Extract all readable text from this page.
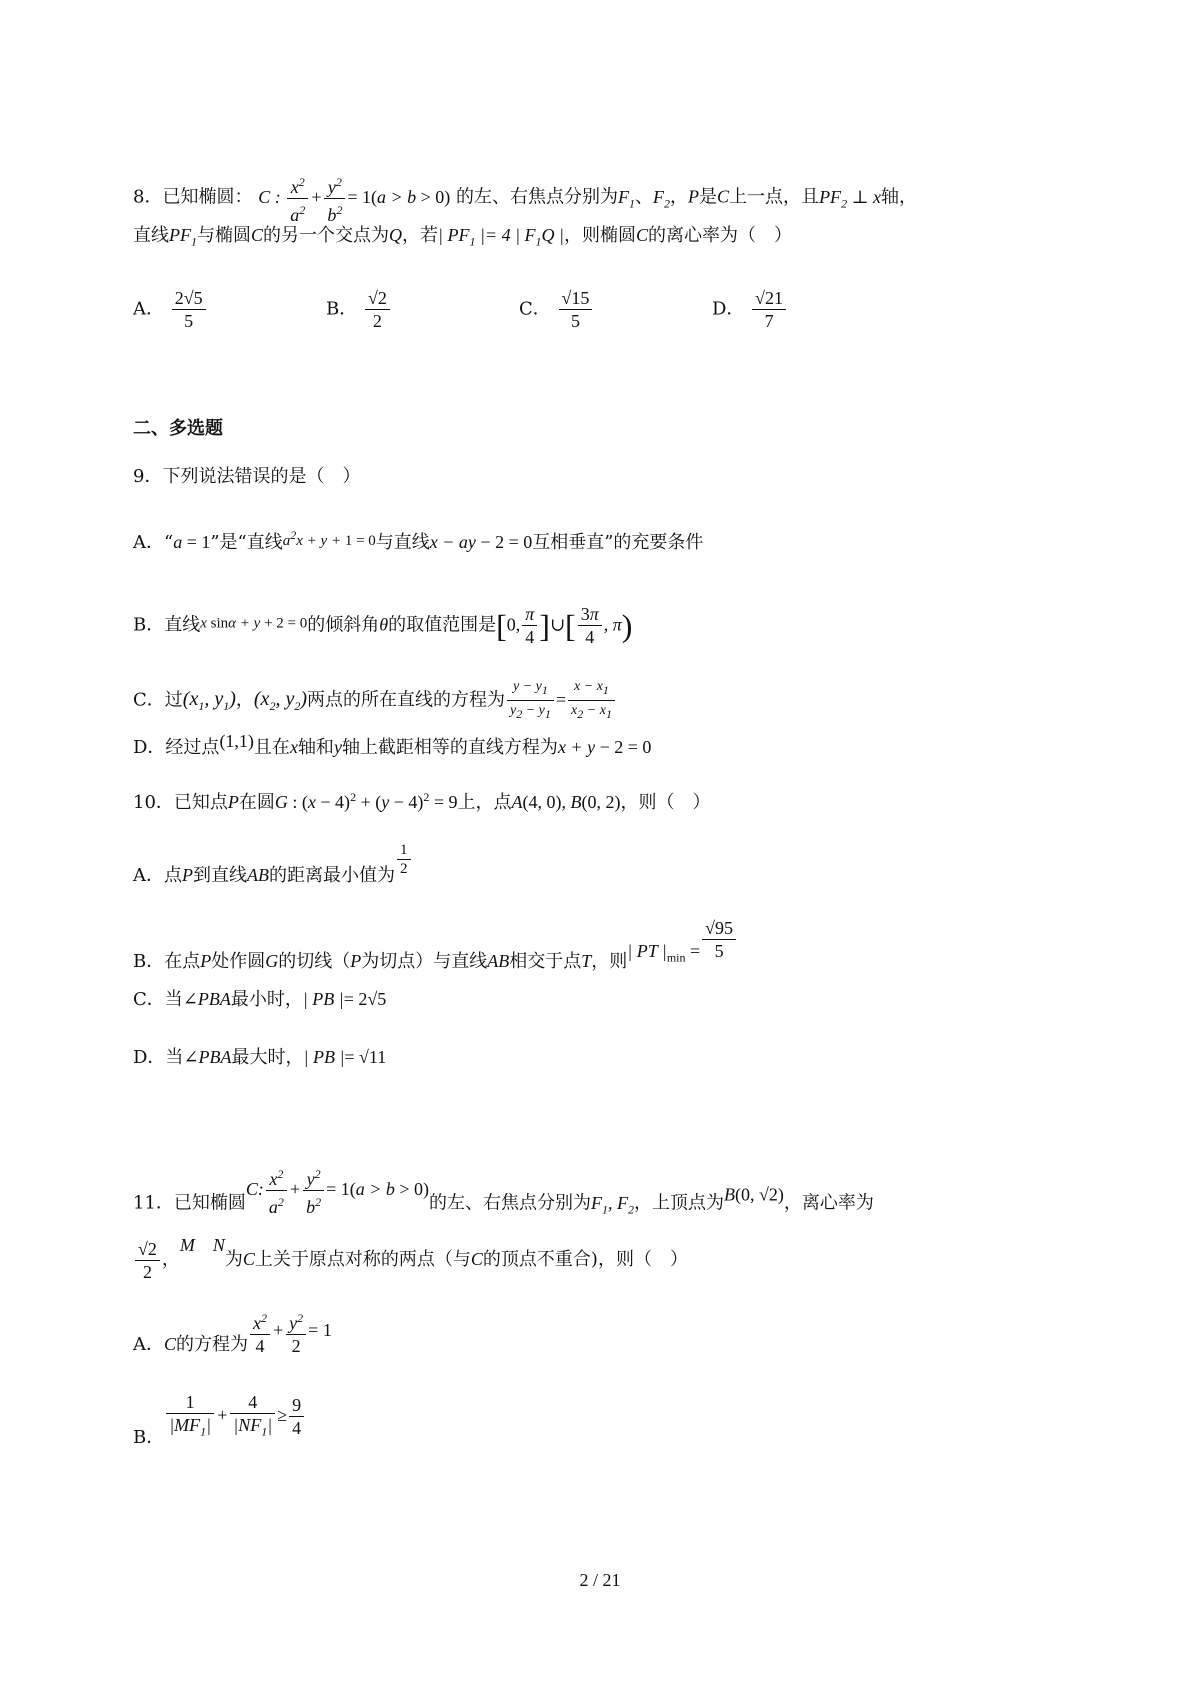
8．已知椭圆： C : $\frac{x^2}{a^2} + \frac{y^2}{b^2} = 1(a > b > 0)$ 的左、右焦点分别为$F_1$、$F_2$，P是C上一点，且$PF_2$ ⊥ x轴，
直线$PF_1$与椭圆C的另一个交点为Q，若| $PF_1$ |= 4 | $F_1Q$ |，则椭圆C的离心率为（　）
A． $\frac{2√5}{5}$	B． $\frac{√2}{2}$	C． $\frac{√15}{5}$	D． $\frac{√21}{7}$
二、多选题
9．下列说法错误的是（　）
A．“a = 1”是“直线$a^2x + y + 1 = 0$与直线x − ay − 2 = 0互相垂直”的充要条件
B．直线x sinα + y + 2 = 0的倾斜角θ的取值范围是[0, $\frac{\pi}{4}$ ]∪[ $\frac{3\pi}{4}$ , π)
C．过($x_1$, $y_1$)，($x_2$, $y_2$)两点的所在直线的方程为 $\frac{y - y_1}{y_2 - y_1} = \frac{x - x_1}{x_2 - x_1}$
D．经过点(1,1)且在x轴和y轴上截距相等的直线方程为x + y − 2 = 0
10．已知点P在圆G : $(x - 4)^2 + (y - 4)^2 = 9$上，点A(4, 0), B(0, 2)，则（　）
A．点P到直线AB的距离最小值为 $\frac{1}{2}$
B．在点P处作圆G的切线（P为切点）与直线AB相交于点T，则| PT $|_{min} = \frac{√95}{5}$
C．当∠PBA最小时，| PB |= 2√5
D．当∠PBA最大时，| PB |= √11
11．已知椭圆C: $\frac{x^2}{a^2} + \frac{y^2}{b^2} = 1(a > b > 0)$的左、右焦点分别为$F_1$, $F_2$，上顶点为B(0, √2)，离心率为
$\frac{√2}{2}$ ，M　N为C上关于原点对称的两点（与C的顶点不重合)，则（　）
A．C的方程为 $\frac{x^2}{4} + \frac{y^2}{2} = 1$
B． $\frac{1}{|MF_1|} + \frac{4}{|NF_1|} \ge \frac{9}{4}$
2 / 21
